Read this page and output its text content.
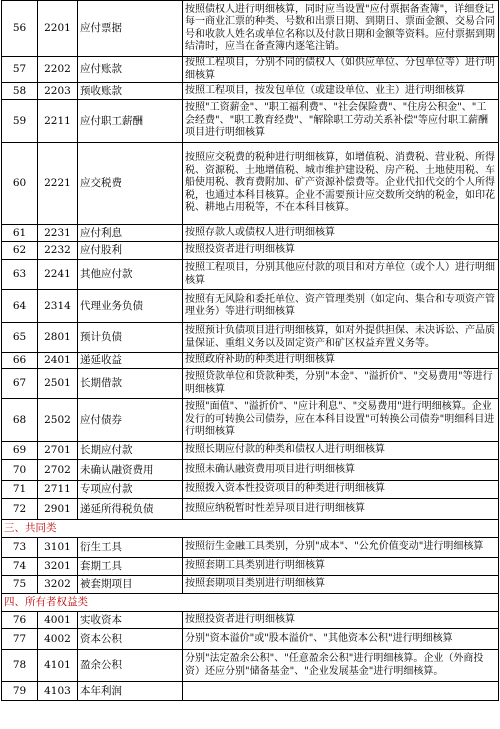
56	2201	应付票据	按照债权人进行明细核算，同时应当设置"应付票据备查簿"，详细登记每一商业汇票的种类、号数和出票日期、到期日、票面金额、交易合同号和收款人姓名或单位名称以及付款日期和金额等资料。应付票据到期结清时，应当在备查簿内逐笔注销。
57	2202	应付账款	按照工程项目，分别不同的债权人（如供应单位、分包单位等）进行明细核算
58	2203	预收账款	按照工程项目，按发包单位（或建设单位、业主）进行明细核算
59	2211	应付职工薪酬	按照"工资薪金"、"职工福利费"、"社会保险费"、"住房公积金"、"工会经费"、"职工教育经费"、"解除职工劳动关系补偿"等应付职工薪酬项目进行明细核算
60	2221	应交税费	按照应交税费的税种进行明细核算，如增值税、消费税、营业税、所得税、资源税、土地增值税、城市维护建设税、房产税、土地使用税、车船使用税、教育费附加、矿产资源补偿费等。企业代扣代交的个人所得税，也通过本科目核算。企业不需要预计应交数所交纳的税金，如印花税、耕地占用税等，不在本科目核算。
61	2231	应付利息	按照存款人或债权人进行明细核算
62	2232	应付股利	按照投资者进行明细核算
63	2241	其他应付款	按照工程项目，分别其他应付款的项目和对方单位（或个人）进行明细核算
64	2314	代理业务负债	按照有无风险和委托单位、资产管理类别（如定向、集合和专项资产管理业务）等进行明细核算
65	2801	预计负债	按照预计负债项目进行明细核算，如对外提供担保、未决诉讼、产品质量保证、重组义务以及固定资产和矿区权益弃置义务等。
66	2401	递延收益	按照政府补助的种类进行明细核算
67	2501	长期借款	按照贷款单位和贷款种类，分别"本金"、"溢折价"、"交易费用"等进行明细核算
68	2502	应付债券	按照"面值"、"溢折价"、"应计利息"、"交易费用"进行明细核算。企业发行的可转换公司债券，应在本科目设置"可转换公司债券"明细科目进行明细核算
69	2701	长期应付款	按照长期应付款的种类和债权人进行明细核算
70	2702	未确认融资费用	按照未确认融资费用项目进行明细核算
71	2711	专项应付款	按照拨入资本性投资项目的种类进行明细核算
72	2901	递延所得税负债	按照应纳税暂时性差异项目进行明细核算
三、共同类			
73	3101	衍生工具	按照衍生金融工具类别，分别"成本"、"公允价值变动"进行明细核算
74	3201	套期工具	按照套期工具类别进行明细核算
75	3202	被套期项目	按照套期项目类别进行明细核算
四、所有者权益类			
76	4001	实收资本	按照投资者进行明细核算
77	4002	资本公积	分别"资本溢价"或"股本溢价"、"其他资本公积"进行明细核算
78	4101	盈余公积	分别"法定盈余公积"、"任意盈余公积"进行明细核算。企业（外商投资）还应分别"储备基金"、"企业发展基金"进行明细核算。
79	4103	本年利润	
